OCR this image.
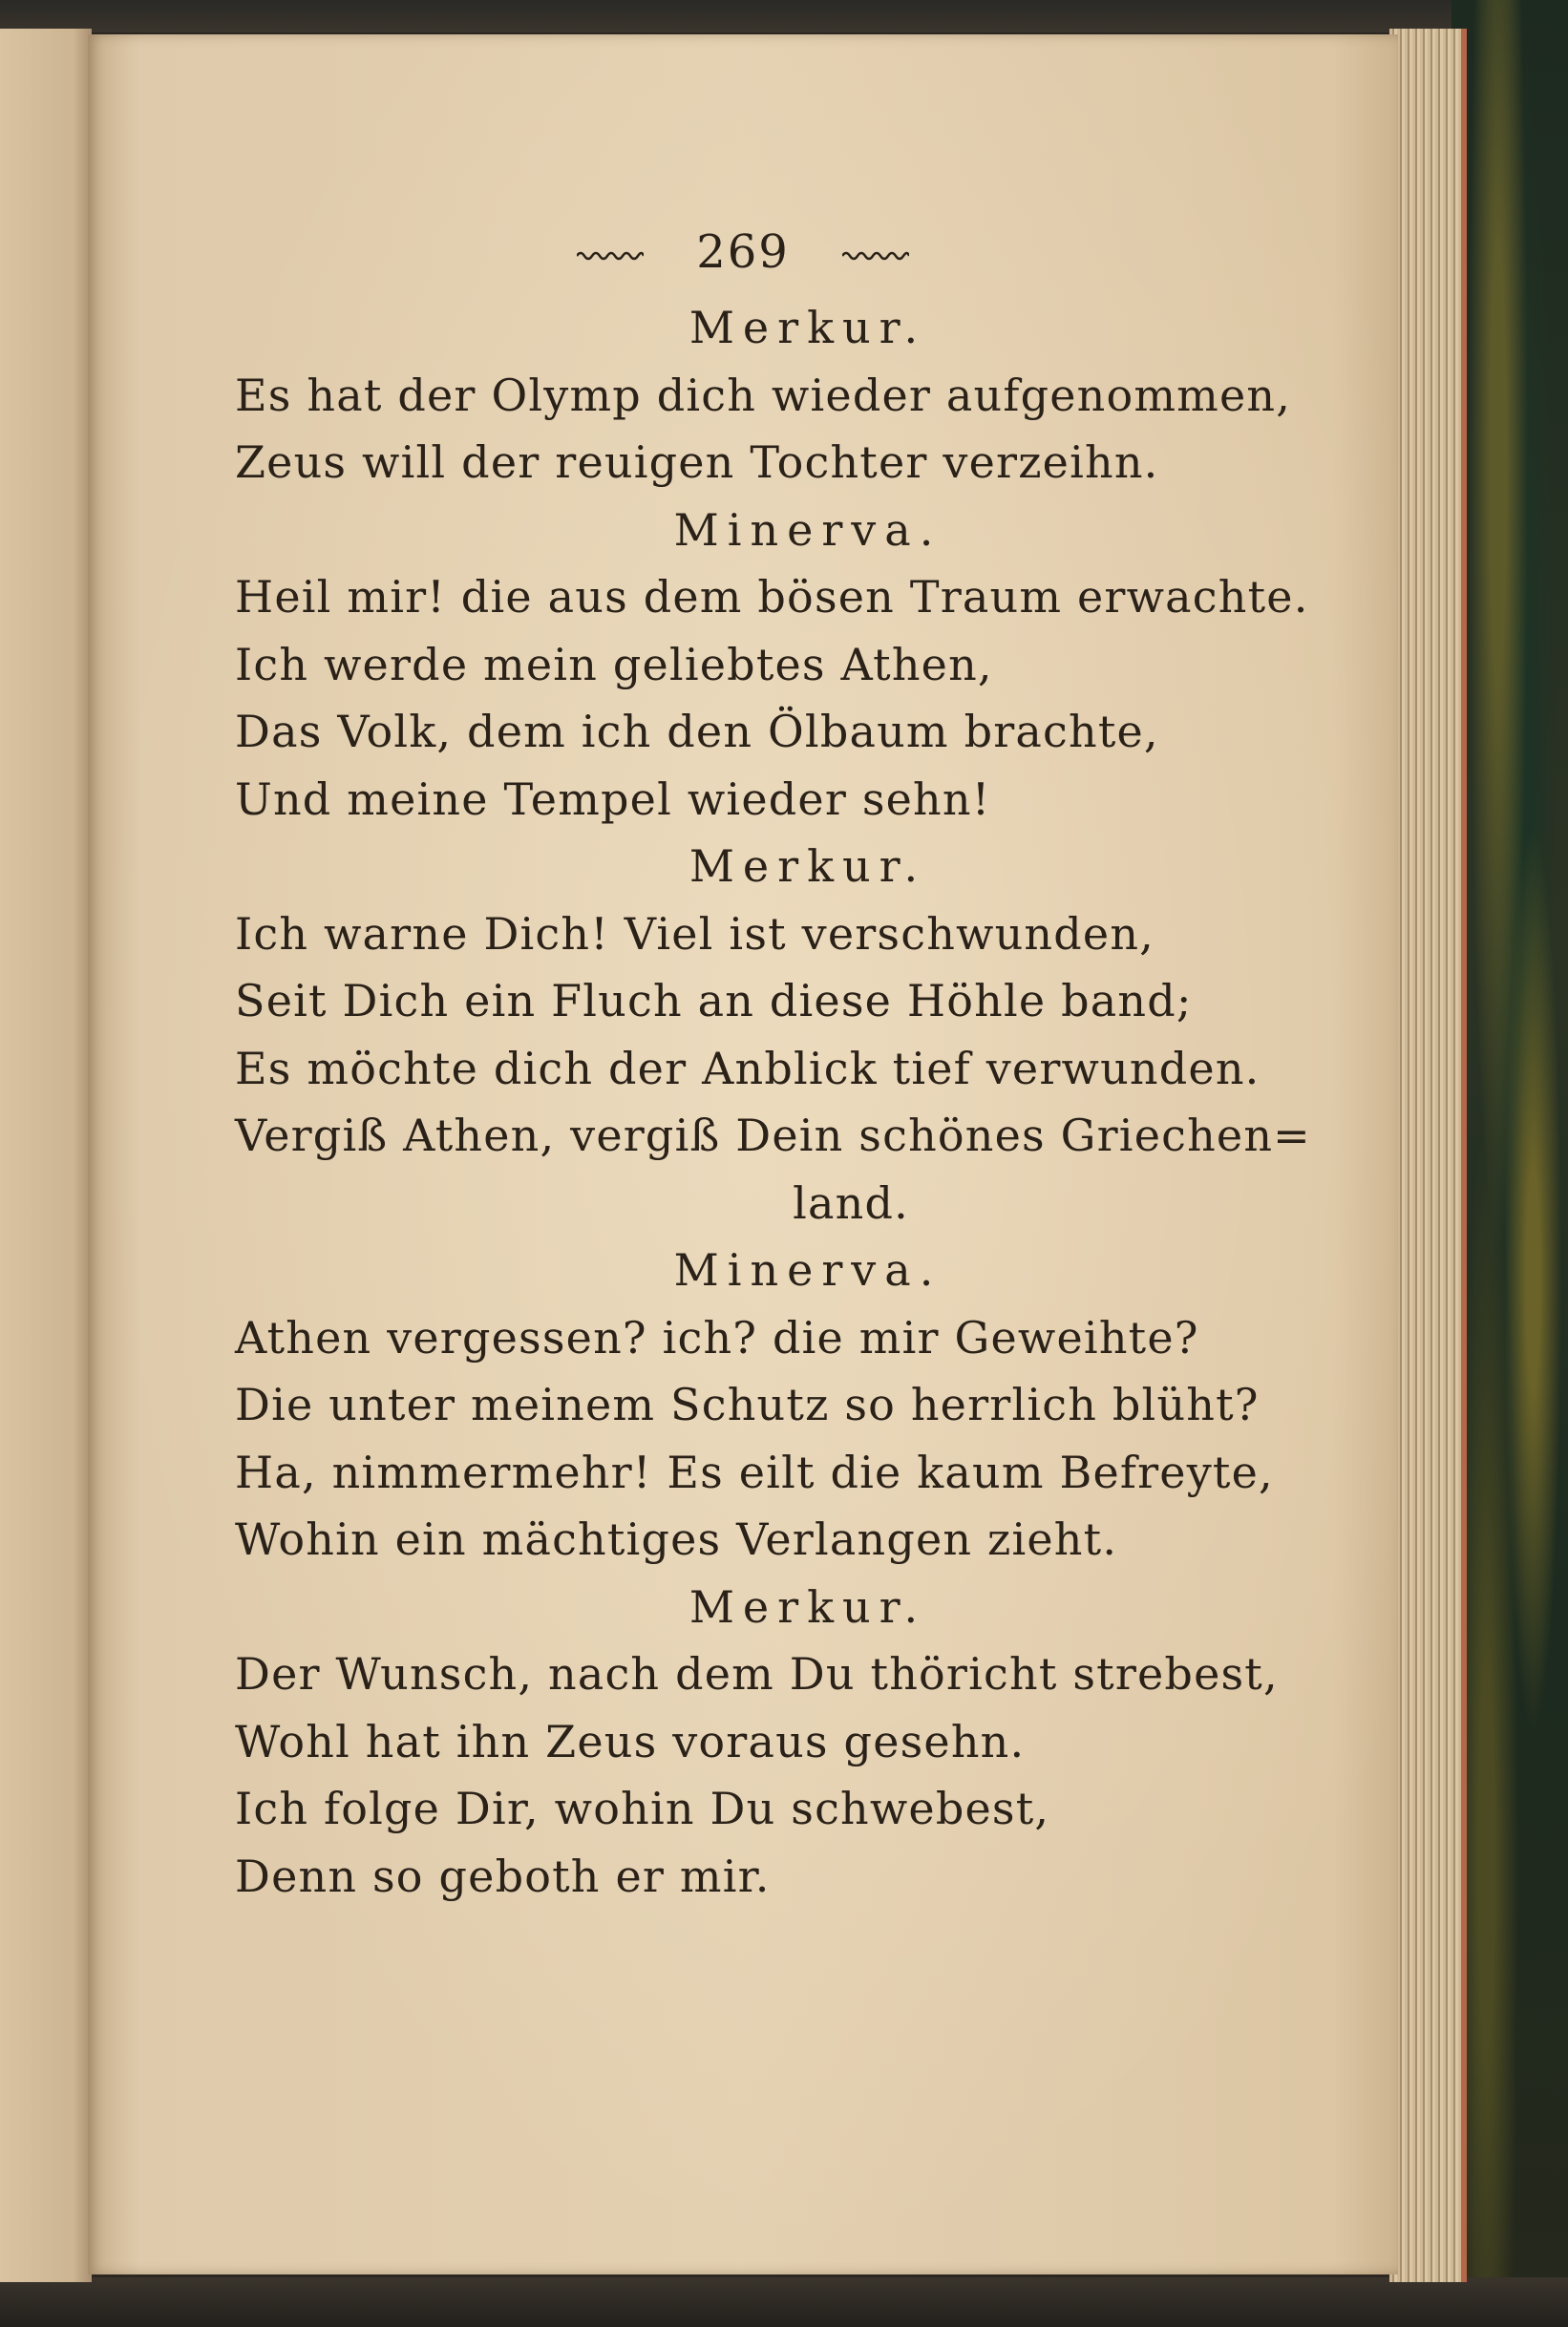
269
Merkur.
Es hat der Olymp dich wieder aufgenommen,
Zeus will der reuigen Tochter verzeihn.
Minerva.
Heil mir! die aus dem bösen Traum erwachte.
Ich werde mein geliebtes Athen,
Das Volk, dem ich den Ölbaum brachte,
Und meine Tempel wieder sehn!
Merkur.
Ich warne Dich! Viel ist verschwunden,
Seit Dich ein Fluch an diese Höhle band;
Es möchte dich der Anblick tief verwunden.
Vergiß Athen, vergiß Dein schönes Griechen=
land.
Minerva.
Athen vergessen? ich? die mir Geweihte?
Die unter meinem Schutz so herrlich blüht?
Ha, nimmermehr! Es eilt die kaum Befreyte,
Wohin ein mächtiges Verlangen zieht.
Merkur.
Der Wunsch, nach dem Du thöricht strebest,
Wohl hat ihn Zeus voraus gesehn.
Ich folge Dir, wohin Du schwebest,
Denn so geboth er mir.
